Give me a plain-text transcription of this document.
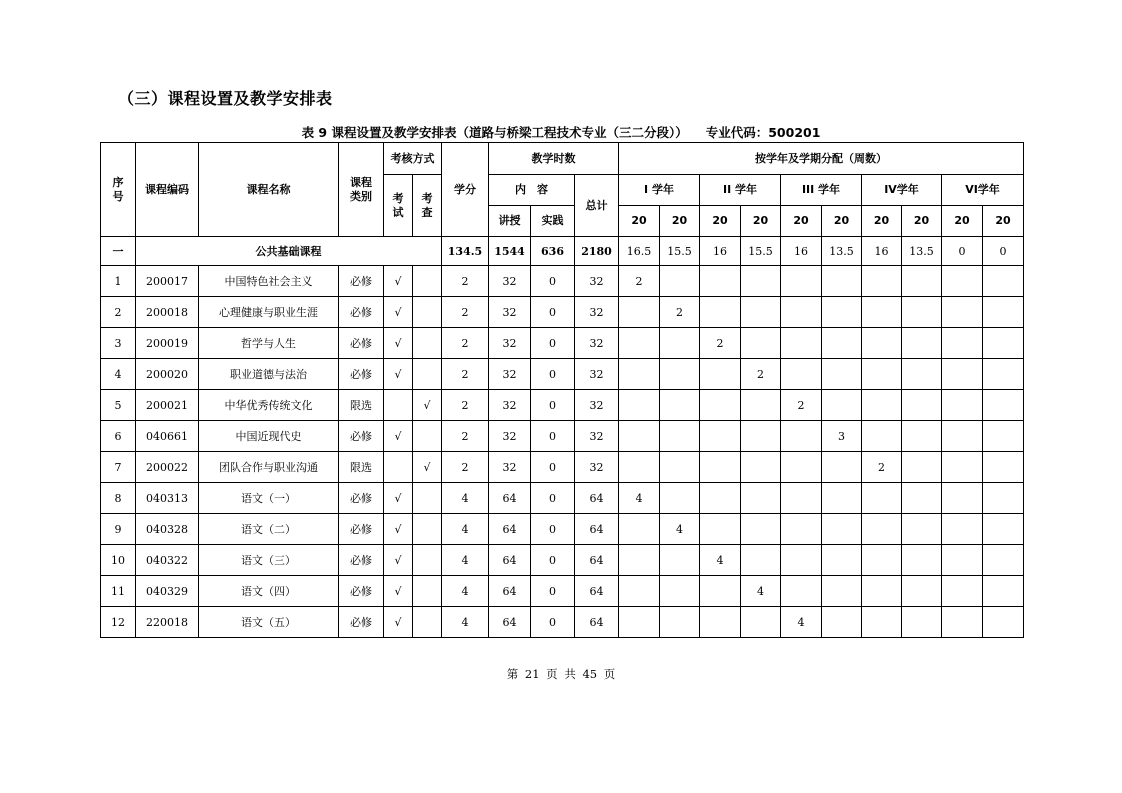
（三）课程设置及教学安排表
表 9 课程设置及教学安排表（道路与桥梁工程技术专业（三二分段）） 专业代码：500201
序号	课程编码	课程名称	课程类别	考核方式		学分	教学时数			按学年及学期分配（周数）									
				考试	考查		内　容		总计	I 学年		II 学年		III 学年		IV学年		VI学年	
							讲授	实践		20	20	20	20	20	20	20	20	20	20
一	公共基础课程					134.5	1544	636	2180	16.5	15.5	16	15.5	16	13.5	16	13.5	0	0
1	200017	中国特色社会主义	必修	√		2	32	0	32	2									
2	200018	心理健康与职业生涯	必修	√		2	32	0	32		2								
3	200019	哲学与人生	必修	√		2	32	0	32			2							
4	200020	职业道德与法治	必修	√		2	32	0	32				2						
5	200021	中华优秀传统文化	限选		√	2	32	0	32					2					
6	040661	中国近现代史	必修	√		2	32	0	32						3				
7	200022	团队合作与职业沟通	限选		√	2	32	0	32							2			
8	040313	语文（一）	必修	√		4	64	0	64	4									
9	040328	语文（二）	必修	√		4	64	0	64		4								
10	040322	语文（三）	必修	√		4	64	0	64			4							
11	040329	语文（四）	必修	√		4	64	0	64				4						
12	220018	语文（五）	必修	√		4	64	0	64					4					
第 21 页 共 45 页
